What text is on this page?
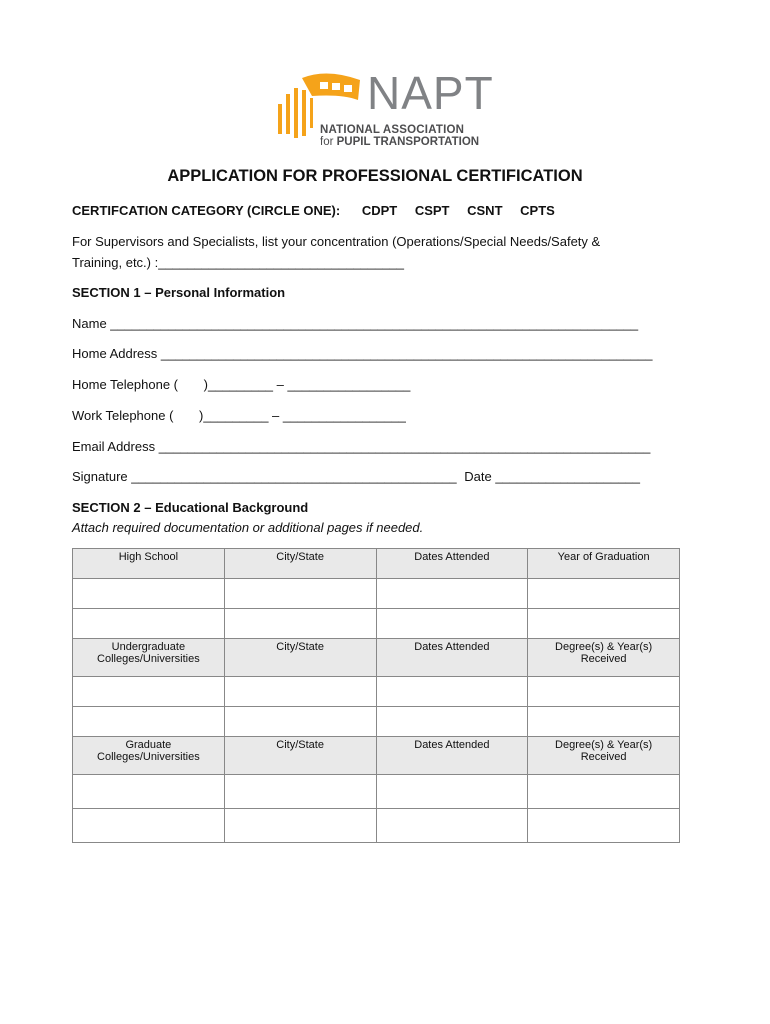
NAPT
NATIONAL ASSOCIATION
for PUPIL TRANSPORTATION
APPLICATION FOR PROFESSIONAL CERTIFICATION
CERTIFCATION CATEGORY (CIRCLE ONE): CDPT CSPT CSNT CPTS
For Supervisors and Specialists, list your concentration (Operations/Special Needs/Safety &
Training, etc.) :__________________________________
SECTION 1 – Personal Information
Name _________________________________________________________________________
Home Address ____________________________________________________________________
Home Telephone ( )_________ – _________________
Work Telephone ( )_________ – _________________
Email Address ____________________________________________________________________
Signature _____________________________________________ Date ____________________
SECTION 2 – Educational Background
Attach required documentation or additional pages if needed.
High School	City/State	Dates Attended	Year of Graduation

Undergraduate Colleges/Universities	City/State	Dates Attended	Degree(s) & Year(s) Received

Graduate Colleges/Universities	City/State	Dates Attended	Degree(s) & Year(s) Received
